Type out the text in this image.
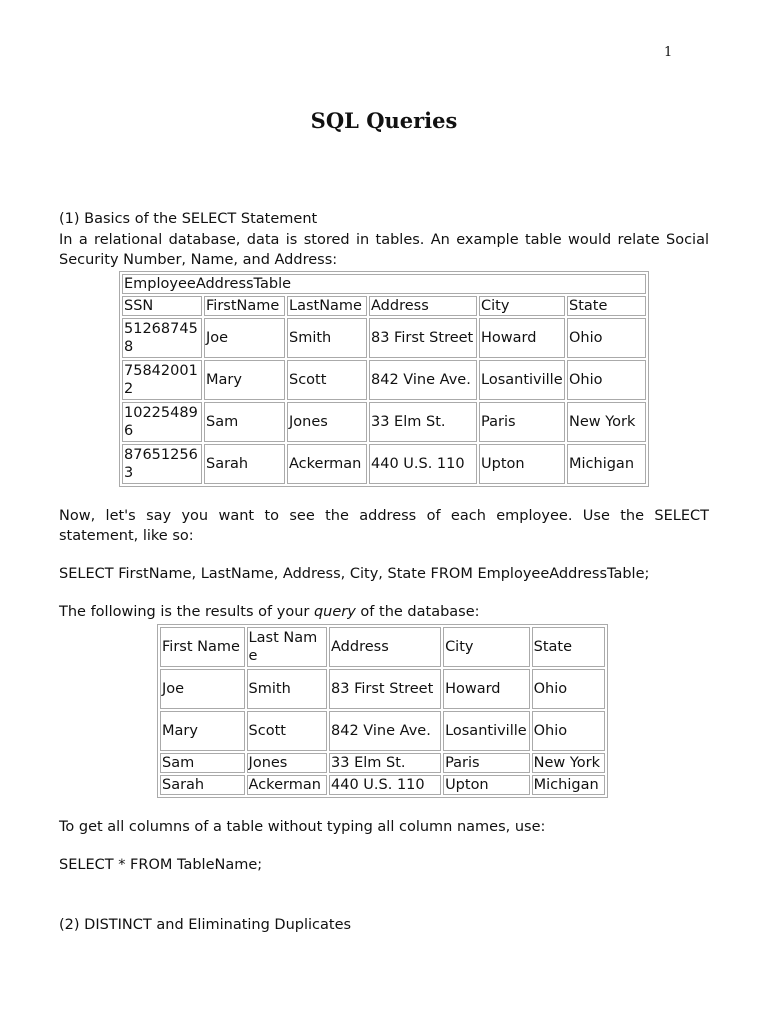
1
SQL Queries
(1) Basics of the SELECT Statement

In a relational database, data is stored in tables. An example table would relate Social Security Number, Name, and Address:

EmployeeAddressTable					
SSN	FirstName	LastName	Address	City	State
512687458	Joe	Smith	83 First Street	Howard	Ohio
758420012	Mary	Scott	842 Vine Ave.	Losantiville	Ohio
102254896	Sam	Jones	33 Elm St.	Paris	New York
876512563	Sarah	Ackerman	440 U.S. 110	Upton	Michigan

Now, let's say you want to see the address of each employee. Use the SELECT statement, like so:

SELECT FirstName, LastName, Address, City, State FROM EmployeeAddressTable;
The following is the results of your query of the database:
First Name	Last Name	Address	City	State
Joe	Smith	83 First Street	Howard	Ohio
Mary	Scott	842 Vine Ave.	Losantiville	Ohio
Sam	Jones	33 Elm St.	Paris	New York
Sarah	Ackerman	440 U.S. 110	Upton	Michigan
To get all columns of a table without typing all column names, use:
SELECT * FROM TableName;
(2) DISTINCT and Eliminating Duplicates
